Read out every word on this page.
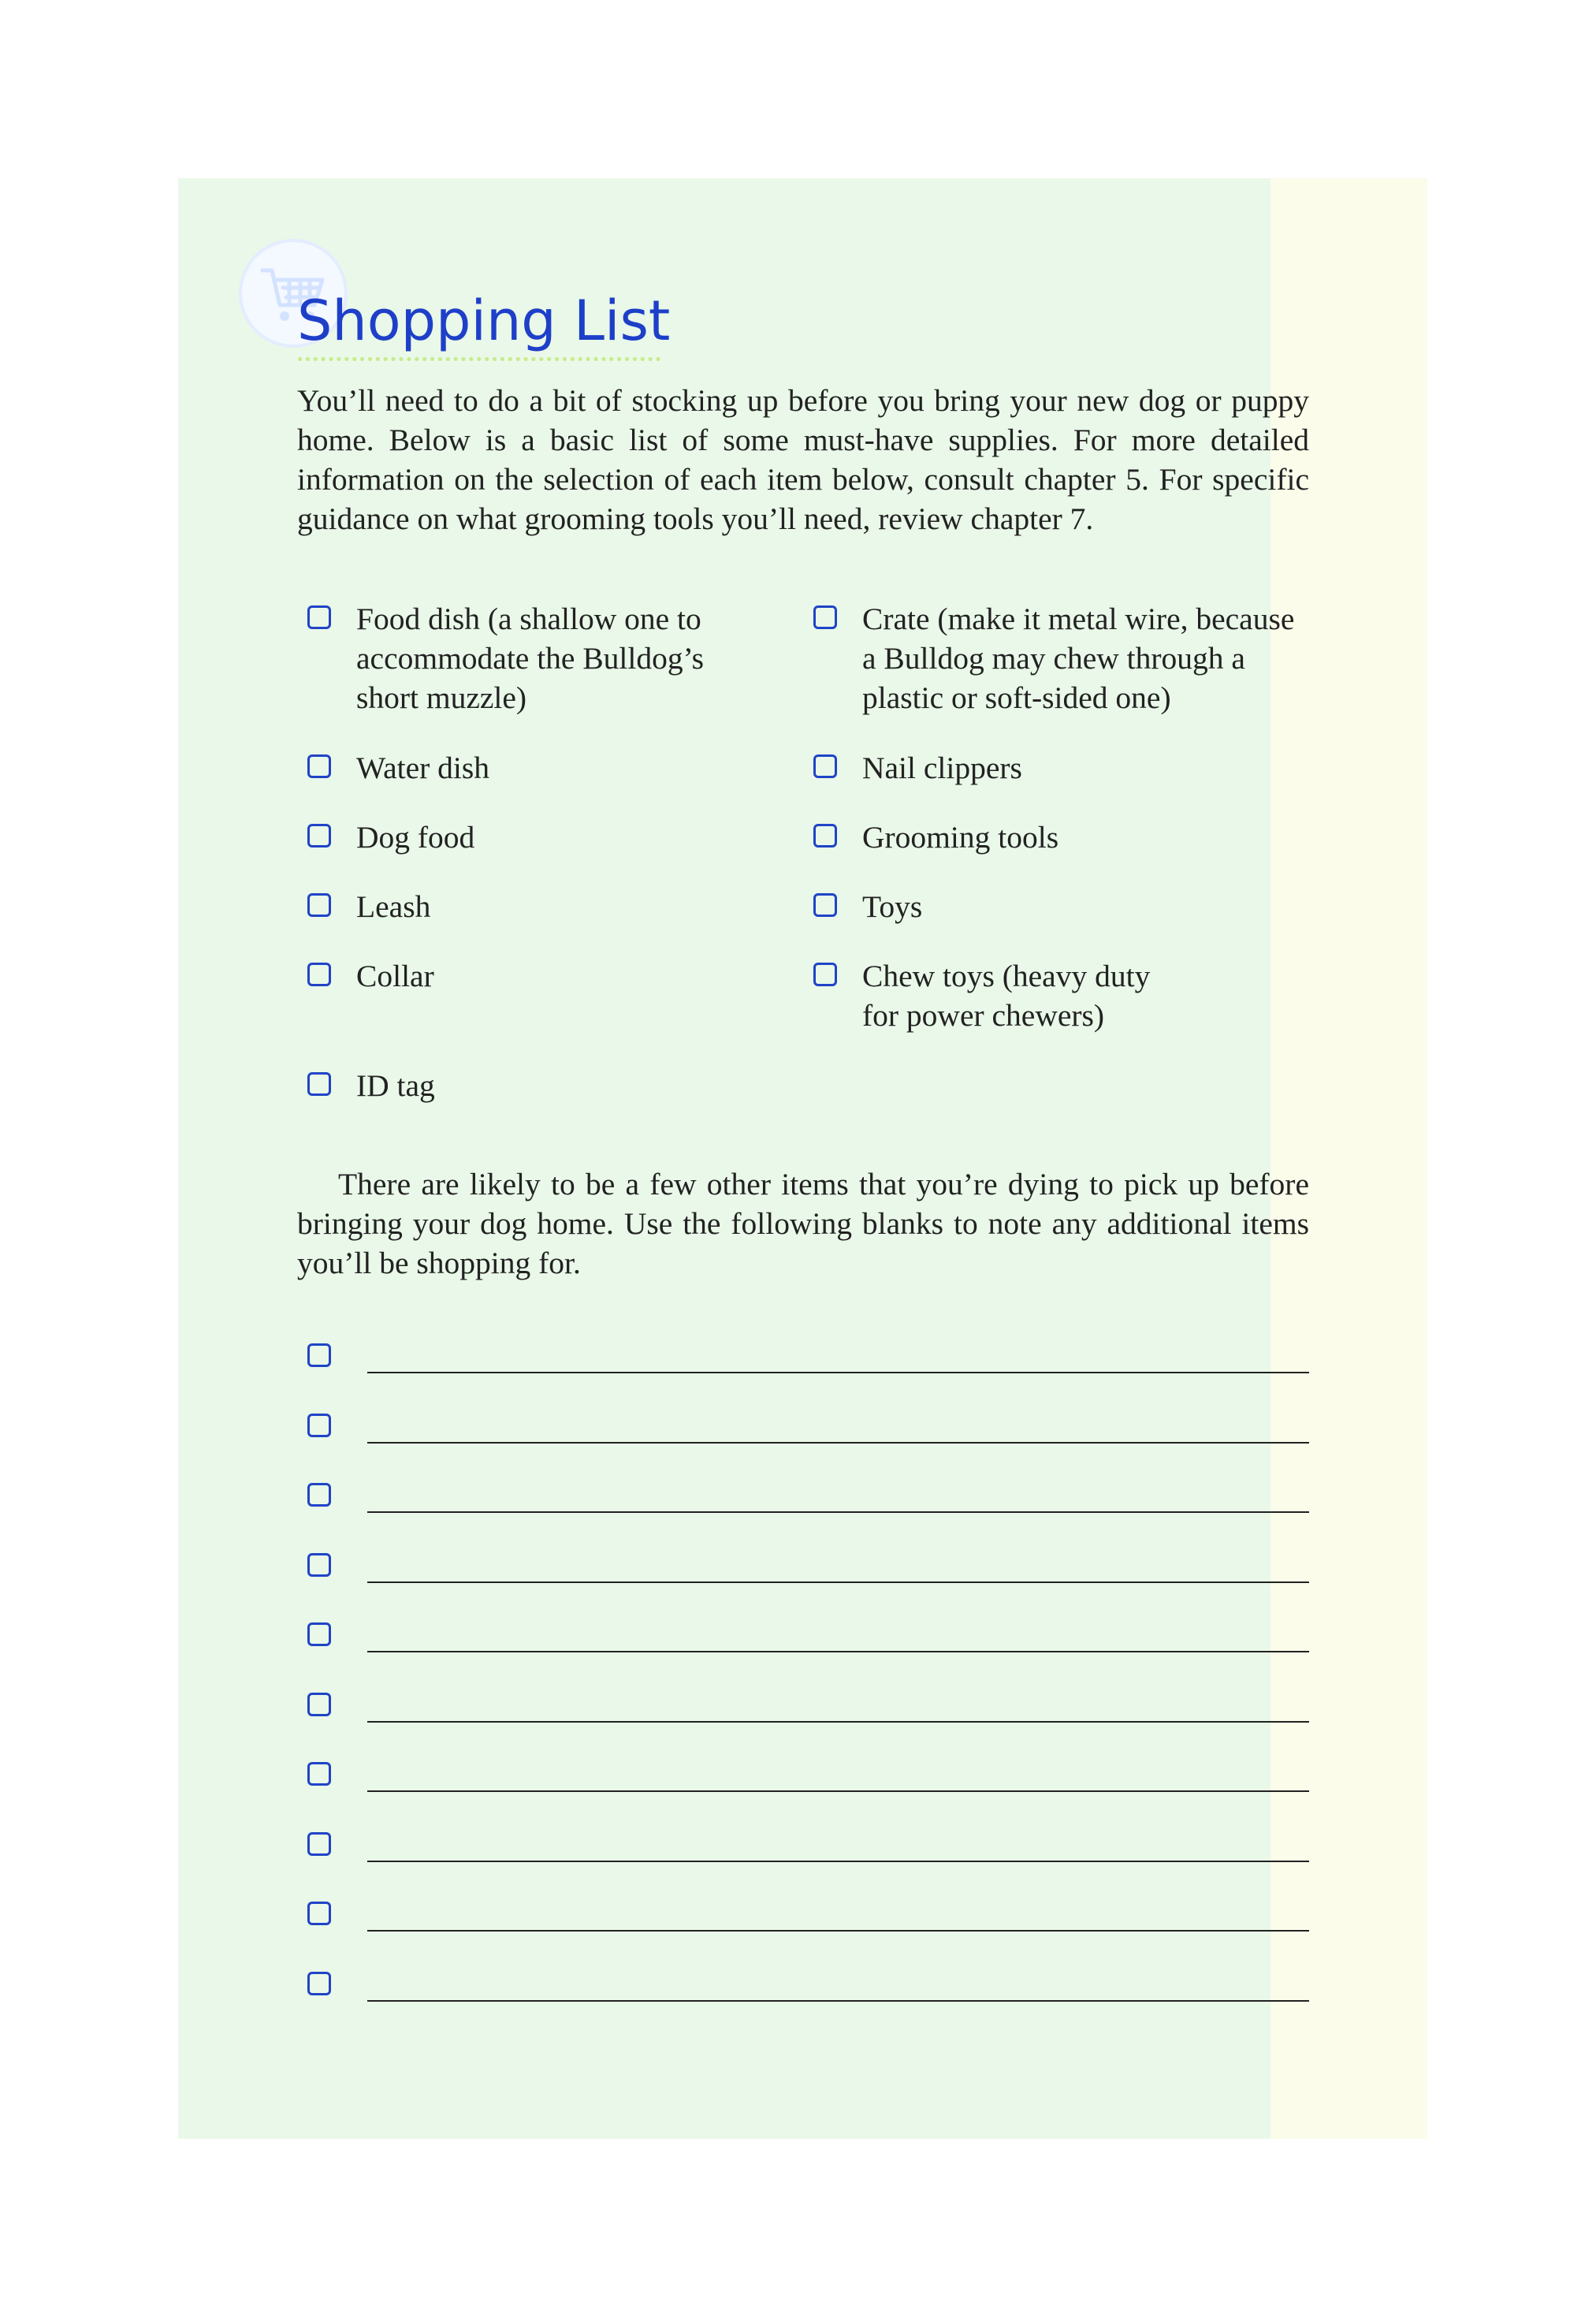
Shopping List

You’ll need to do a bit of stocking up before you bring your new dog or puppy home. Below is a basic list of some must-have supplies. For more detailed information on the selection of each item below, consult chapter 5. For specific guidance on what grooming tools you’ll need, review chapter 7.

Food dish (a shallow one to accommodate the Bulldog’s short muzzle)
Water dish
Dog food
Leash
Collar
ID tag
Crate (make it metal wire, because a Bulldog may chew through a plastic or soft-sided one)
Nail clippers
Grooming tools
Toys
Chew toys (heavy duty for power chewers)

There are likely to be a few other items that you’re dying to pick up before bringing your dog home. Use the following blanks to note any additional items you’ll be shopping for.
